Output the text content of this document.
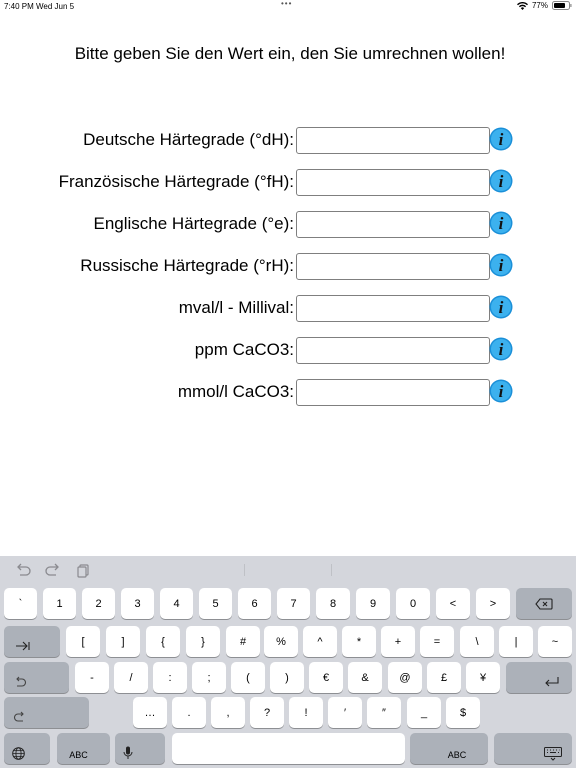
7:40 PM Wed Jun 5	•••	77%
Bitte geben Sie den Wert ein, den Sie umrechnen wollen!
Deutsche Härtegrade (°dH):	i
Französische Härtegrade (°fH):	i
Englische Härtegrade (°e):	i
Russische Härtegrade (°rH):	i
mval/l - Millival:	i
ppm CaCO3:	i
mmol/l CaCO3:	i
`	1	2	3	4	5	6	7	8	9	0	<	>
[	]	{	}	#	%	^	*	+	=	\	|	~
-	/	:	;	(	)	€	&	@	£	¥
…	.	,	?	!	′	″	_	$
ABC	ABC
